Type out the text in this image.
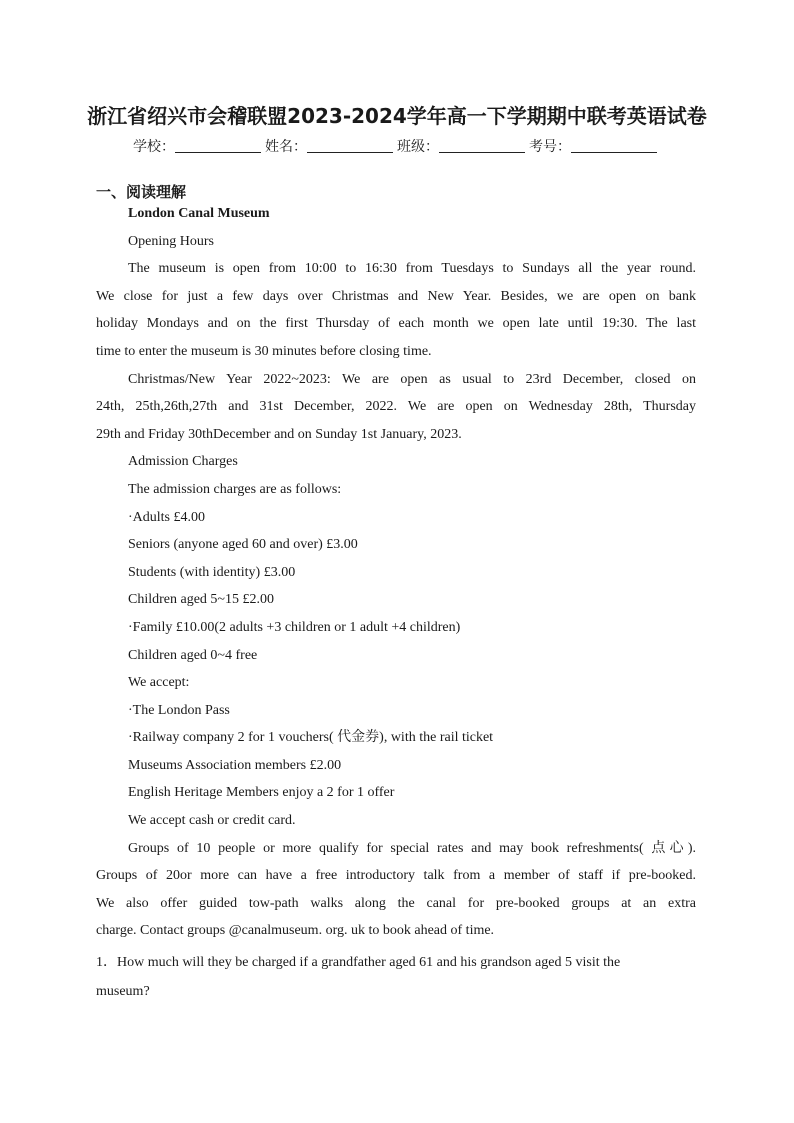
浙江省绍兴市会稽联盟2023-2024学年高一下学期期中联考英语试卷
学校：	姓名：	班级：	考号：
一、阅读理解
London Canal Museum
Opening Hours
The museum is open from 10:00 to 16:30 from Tuesdays to Sundays all the year round.
We close for just a few days over Christmas and New Year. Besides, we are open on bank
holiday Mondays and on the first Thursday of each month we open late until 19:30. The last
time to enter the museum is 30 minutes before closing time.
Christmas/New Year 2022~2023: We are open as usual to 23rd December, closed on
24th, 25th,26th,27th and 31st December, 2022. We are open on Wednesday 28th, Thursday
29th and Friday 30thDecember and on Sunday 1st January, 2023.
Admission Charges
The admission charges are as follows:
·Adults £4.00
Seniors (anyone aged 60 and over) £3.00
Students (with identity) £3.00
Children aged 5~15 £2.00
·Family £10.00(2 adults +3 children or 1 adult +4 children)
Children aged 0~4 free
We accept:
·The London Pass
·Railway company 2 for 1 vouchers( 代金券), with the rail ticket
Museums Association members £2.00
English Heritage Members enjoy a 2 for 1 offer
We accept cash or credit card.
Groups of 10 people or more qualify for special rates and may book refreshments( 点心).
Groups of 20or more can have a free introductory talk from a member of staff if pre-booked.
We also offer guided tow-path walks along the canal for pre-booked groups at an extra
charge. Contact groups @canalmuseum. org. uk to book ahead of time.
1．How much will they be charged if a grandfather aged 61 and his grandson aged 5 visit the
museum?
